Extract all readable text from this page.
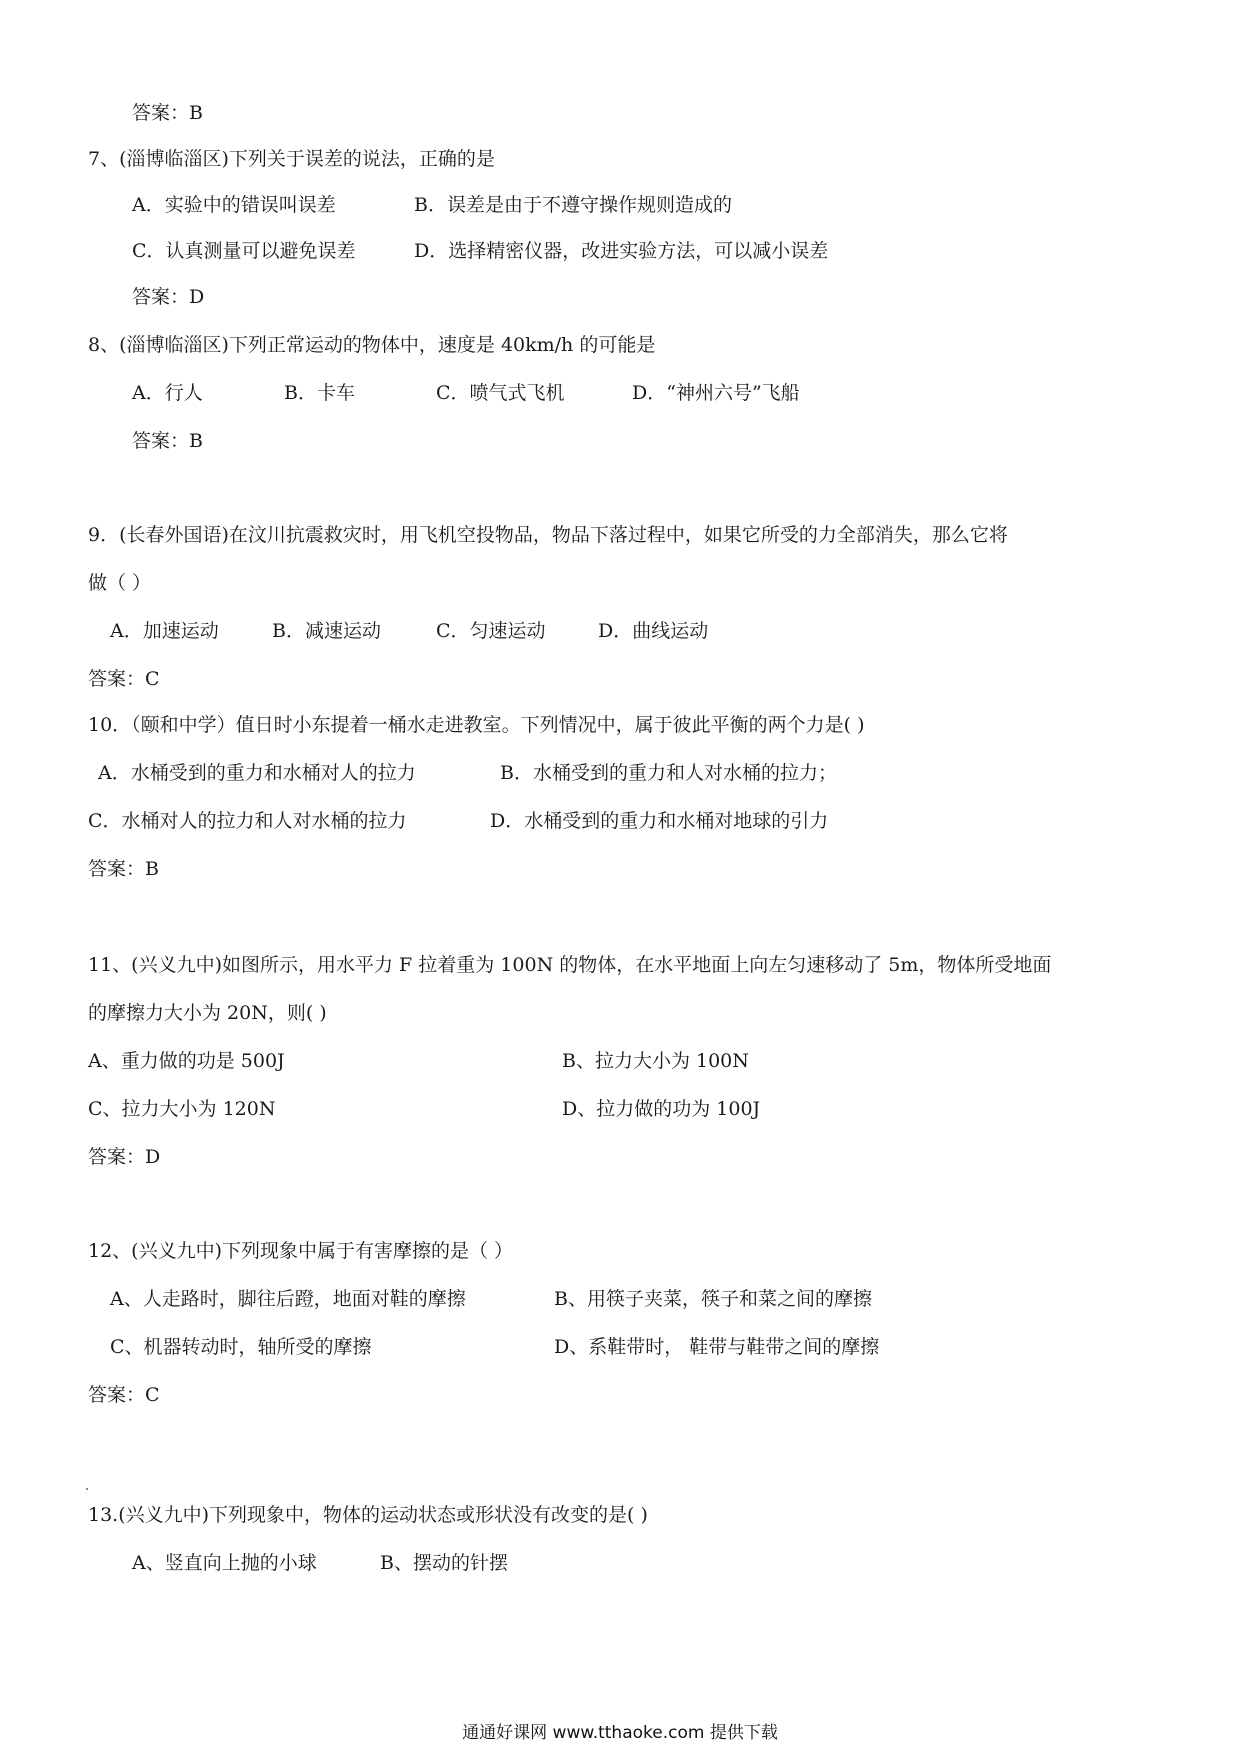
答案：B
7、(淄博临淄区)下列关于误差的说法，正确的是
A．实验中的错误叫误差	B．误差是由于不遵守操作规则造成的
C．认真测量可以避免误差	D．选择精密仪器，改进实验方法，可以减小误差
答案：D
8、(淄博临淄区)下列正常运动的物体中，速度是 40km/h 的可能是
A．行人	B．卡车	C．喷气式飞机	D．“神州六号”飞船
答案：B
9．(长春外国语)在汶川抗震救灾时，用飞机空投物品，物品下落过程中，如果它所受的力全部消失，那么它将
做（ ）
A．加速运动	B．减速运动	C．匀速运动	D．曲线运动
答案：C
10．（颐和中学）值日时小东提着一桶水走进教室。下列情况中，属于彼此平衡的两个力是( )
A．水桶受到的重力和水桶对人的拉力	B．水桶受到的重力和人对水桶的拉力；
C．水桶对人的拉力和人对水桶的拉力	D．水桶受到的重力和水桶对地球的引力
答案：B
11、(兴义九中)如图所示，用水平力 F 拉着重为 100N 的物体，在水平地面上向左匀速移动了 5m，物体所受地面
的摩擦力大小为 20N，则( )
A、重力做的功是 500J	B、拉力大小为 100N
C、拉力大小为 120N	D、拉力做的功为 100J
答案：D
12、(兴义九中)下列现象中属于有害摩擦的是（ ）
A、人走路时，脚往后蹬，地面对鞋的摩擦	B、用筷子夹菜，筷子和菜之间的摩擦
C、机器转动时，轴所受的摩擦	D、系鞋带时， 鞋带与鞋带之间的摩擦
答案：C
13.(兴义九中)下列现象中，物体的运动状态或形状没有改变的是( )
A、竖直向上抛的小球	B、摆动的针摆
通通好课网 www.tthaoke.com 提供下载
